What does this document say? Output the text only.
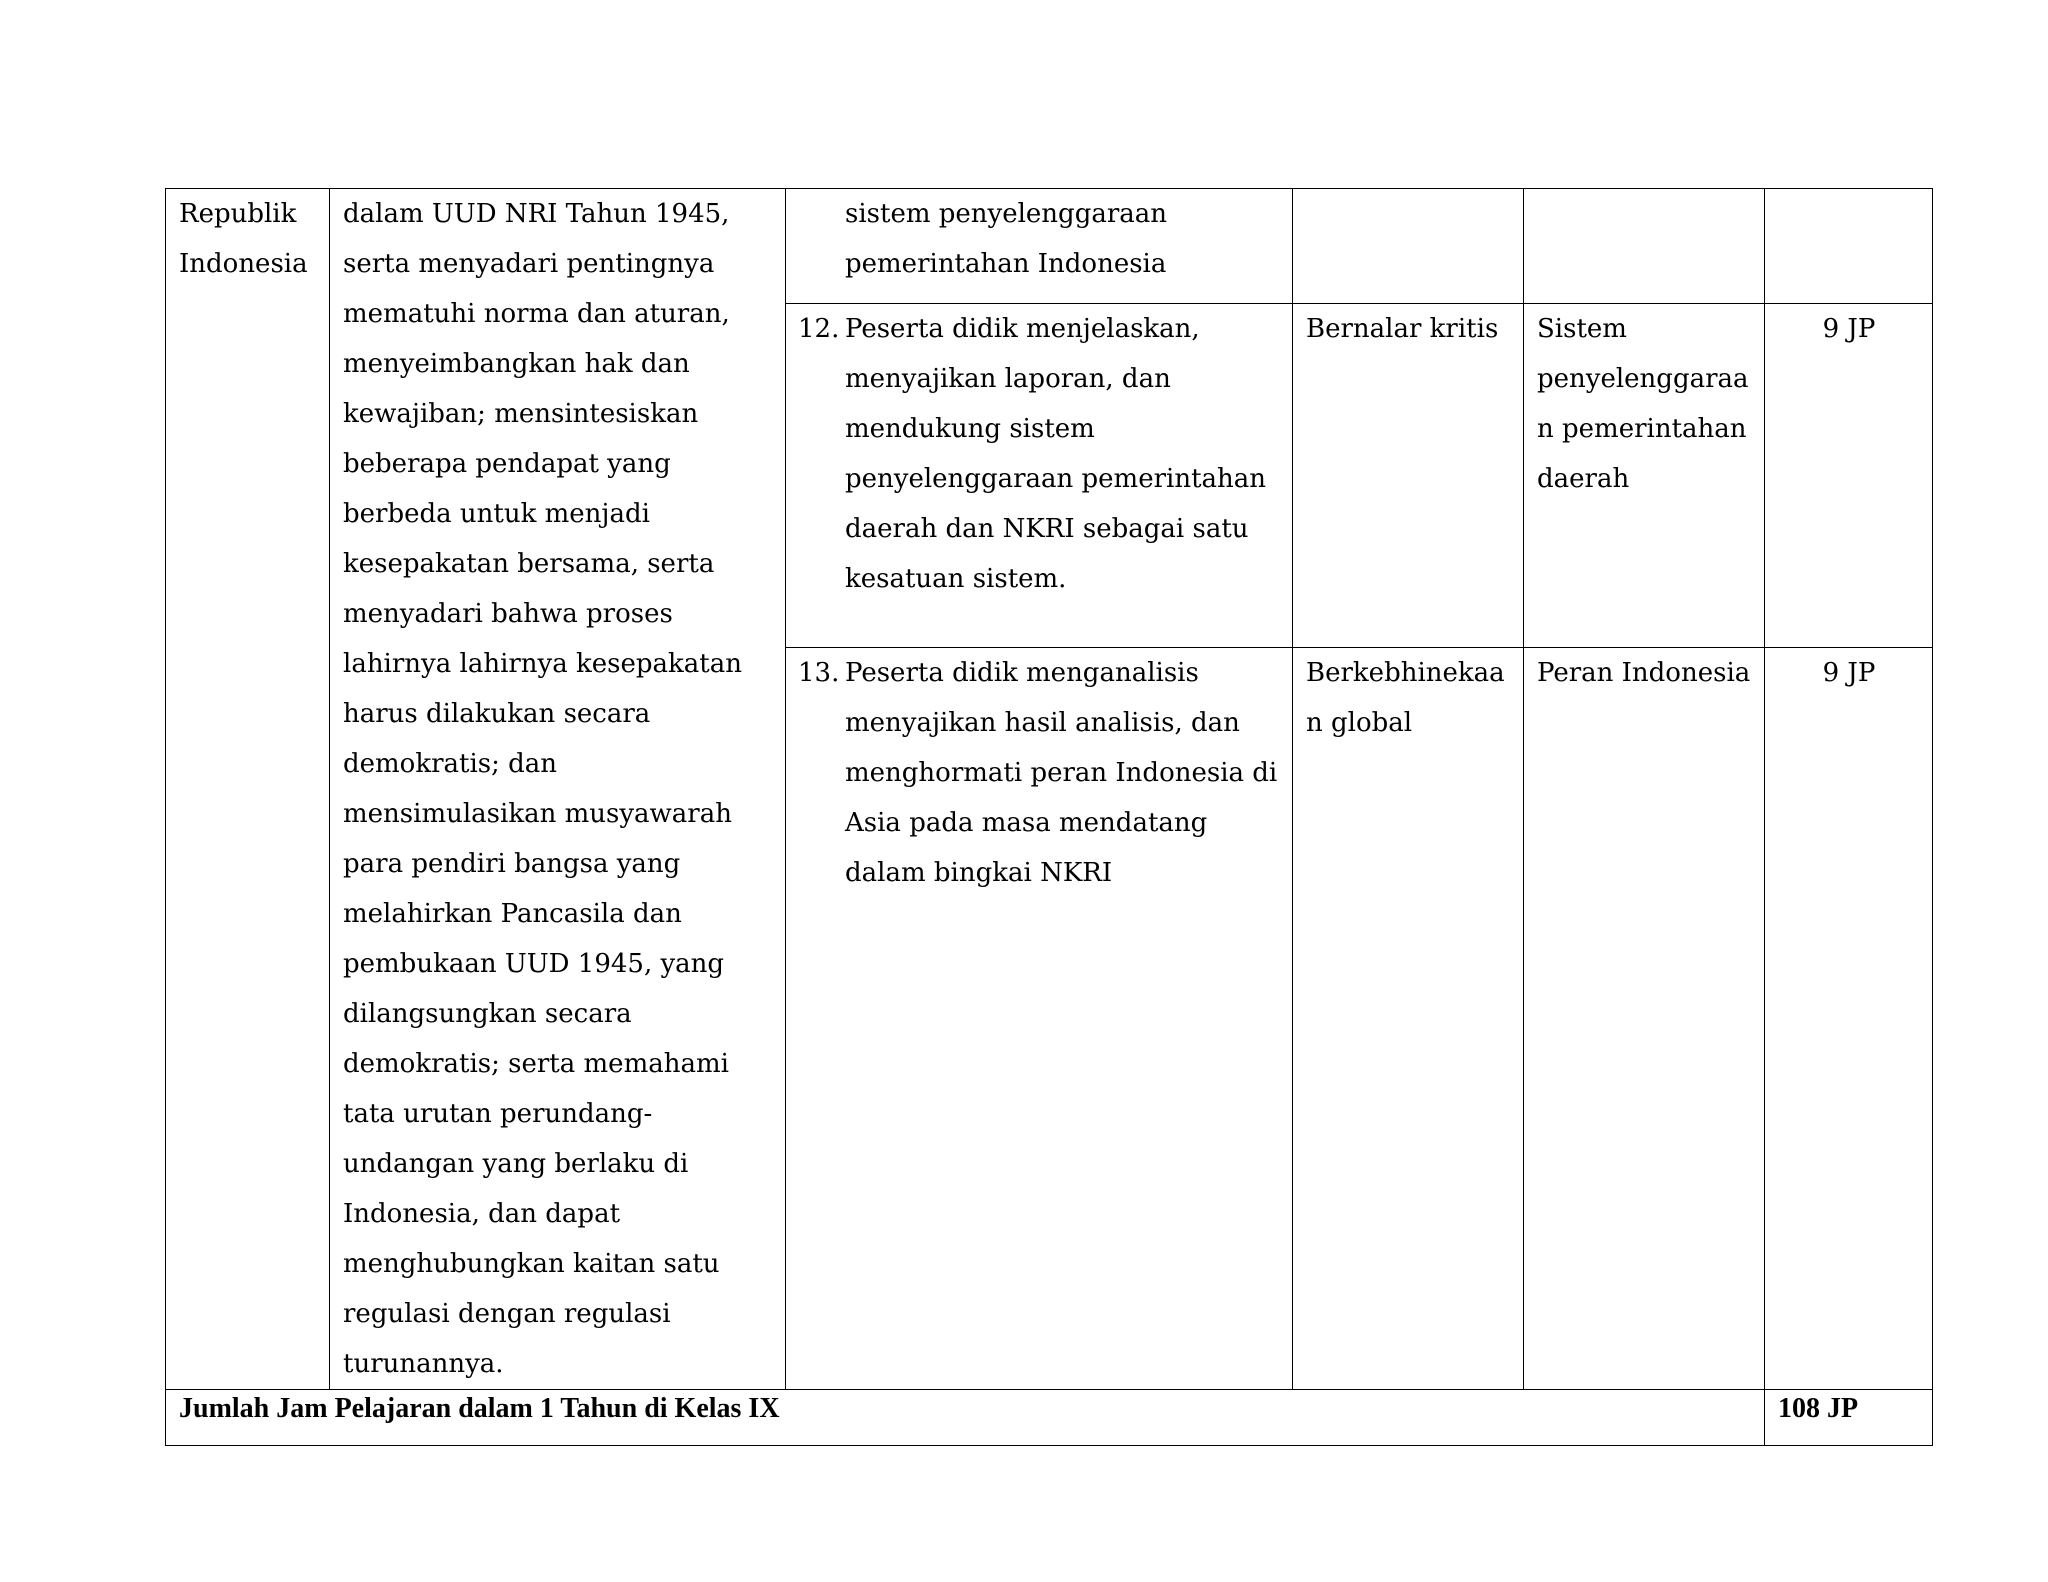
Republik Indonesia	dalam UUD NRI Tahun 1945, serta menyadari pentingnya mematuhi norma dan aturan, menyeimbangkan hak dan kewajiban; mensintesiskan beberapa pendapat yang berbeda untuk menjadi kesepakatan bersama, serta menyadari bahwa proses lahirnya lahirnya kesepakatan harus dilakukan secara demokratis; dan mensimulasikan musyawarah para pendiri bangsa yang melahirkan Pancasila dan pembukaan UUD 1945, yang dilangsungkan secara demokratis; serta memahami tata urutan perundang-undangan yang berlaku di Indonesia, dan dapat menghubungkan kaitan satu regulasi dengan regulasi turunannya.	sistem penyelenggaraan pemerintahan Indonesia			

		12. Peserta didik menjelaskan, menyajikan laporan, dan mendukung sistem penyelenggaraan pemerintahan daerah dan NKRI sebagai satu kesatuan sistem.	Bernalar kritis	Sistem penyelenggaraan pemerintahan daerah	9 JP

		13. Peserta didik menganalisis menyajikan hasil analisis, dan menghormati peran Indonesia di Asia pada masa mendatang dalam bingkai NKRI	Berkebhinekaan global	Peran Indonesia	9 JP
Jumlah Jam Pelajaran dalam 1 Tahun di Kelas IX					108 JP
